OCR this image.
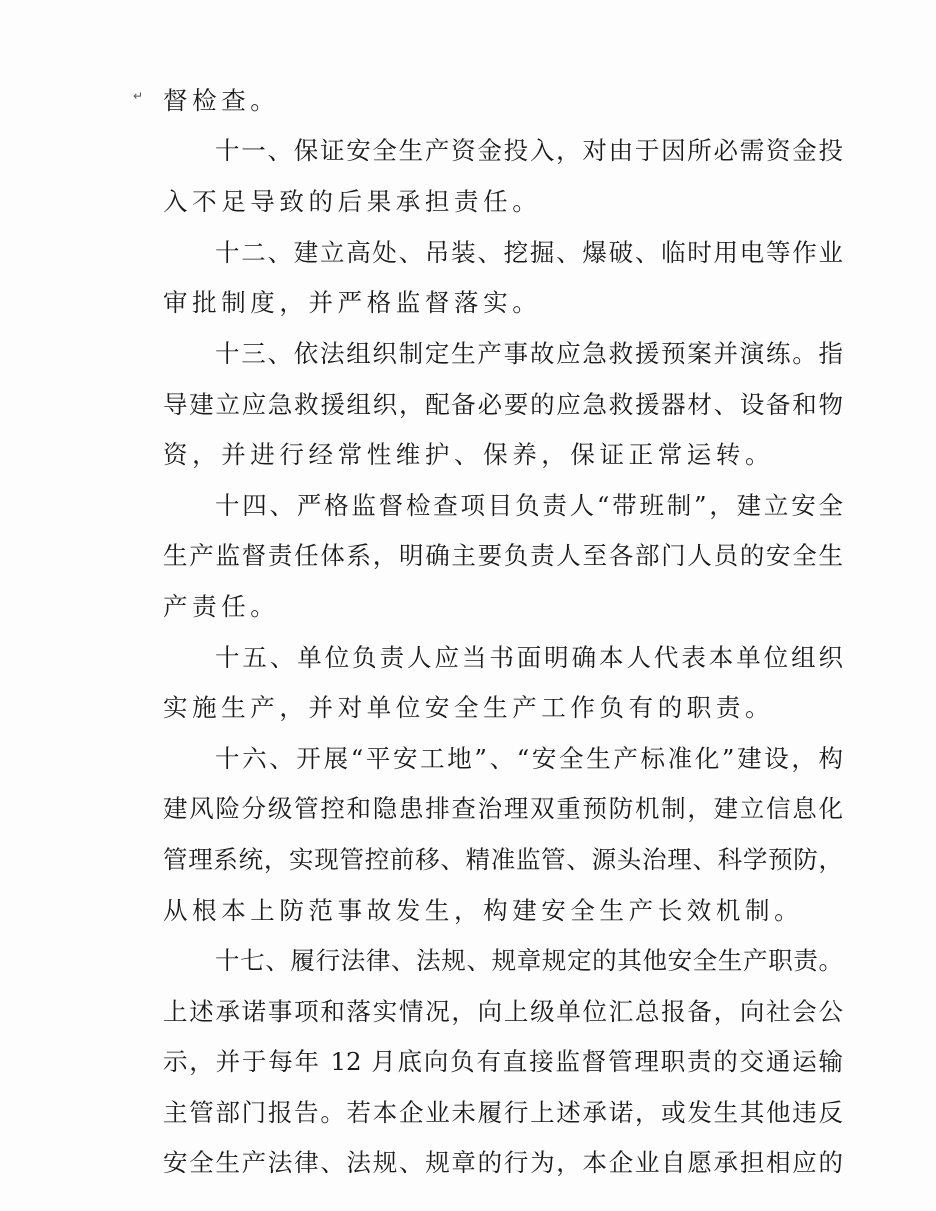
↵ 督检查。
十一、保证安全生产资金投入，对由于因所必需资金投
入不足导致的后果承担责任。
十二、建立高处、吊装、挖掘、爆破、临时用电等作业
审批制度，并严格监督落实。
十三、依法组织制定生产事故应急救援预案并演练。指
导建立应急救援组织，配备必要的应急救援器材、设备和物
资，并进行经常性维护、保养，保证正常运转。
十四、严格监督检查项目负责人“带班制”，建立安全
生产监督责任体系，明确主要负责人至各部门人员的安全生
产责任。
十五、单位负责人应当书面明确本人代表本单位组织
实施生产，并对单位安全生产工作负有的职责。
十六、开展“平安工地”、“安全生产标准化”建设，构
建风险分级管控和隐患排查治理双重预防机制，建立信息化
管理系统，实现管控前移、精准监管、源头治理、科学预防，
从根本上防范事故发生，构建安全生产长效机制。
十七、履行法律、法规、规章规定的其他安全生产职责。
上述承诺事项和落实情况，向上级单位汇总报备，向社会公
示，并于每年 12 月底向负有直接监督管理职责的交通运输
主管部门报告。若本企业未履行上述承诺，或发生其他违反
安全生产法律、法规、规章的行为，本企业自愿承担相应的
